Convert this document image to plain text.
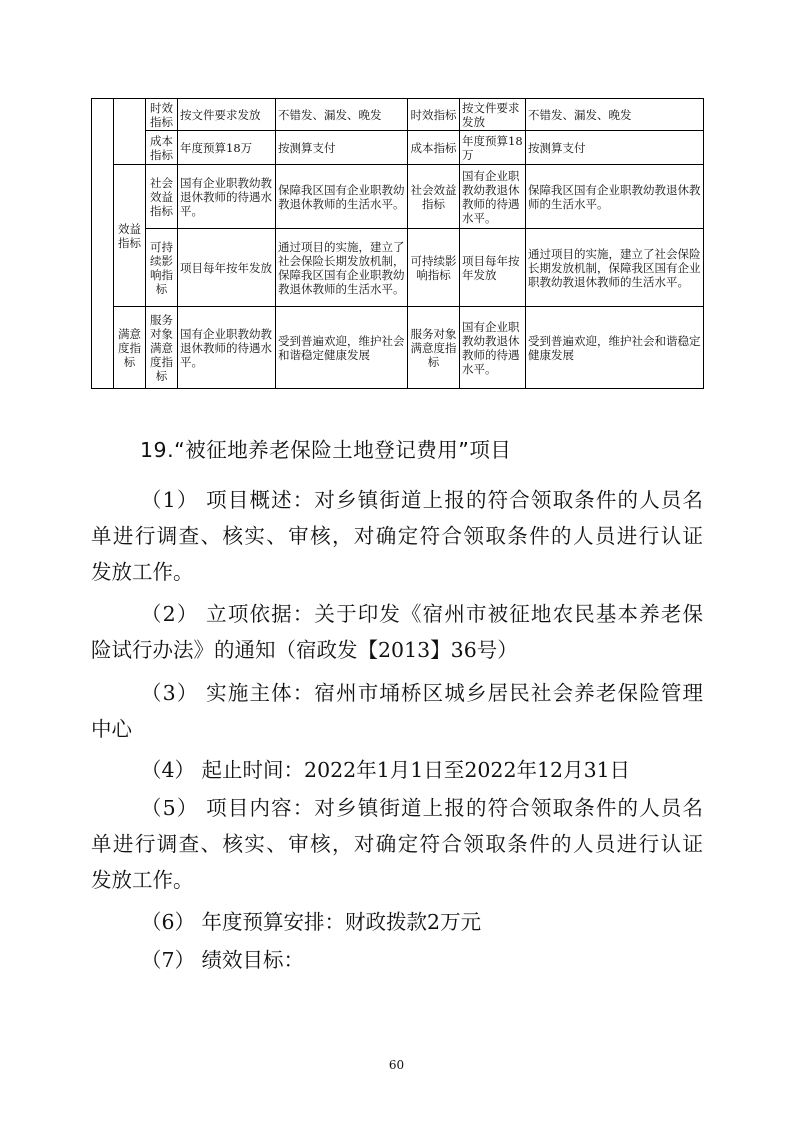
		时效指标	按文件要求发放	不错发、漏发、晚发	时效指标	按文件要求发放	不错发、漏发、晚发
		成本指标	年度预算18万	按测算支付	成本指标	年度预算18万	按测算支付
	效益指标	社会效益指标	国有企业职教幼教退休教师的待遇水平。	保障我区国有企业职教幼教退休教师的生活水平。	社会效益指标	国有企业职教幼教退休教师的待遇水平。	保障我区国有企业职教幼教退休教师的生活水平。
		可持续影响指标	项目每年按年发放	通过项目的实施，建立了社会保险长期发放机制，保障我区国有企业职教幼教退休教师的生活水平。	可持续影响指标	项目每年按年发放	通过项目的实施，建立了社会保险长期发放机制，保障我区国有企业职教幼教退休教师的生活水平。
	满意度指标	服务对象满意度指标	国有企业职教幼教退休教师的待遇水平。	受到普遍欢迎，维护社会和谐稳定健康发展	服务对象满意度指标	国有企业职教幼教退休教师的待遇水平。	受到普遍欢迎，维护社会和谐稳定健康发展
19.“被征地养老保险土地登记费用”项目
（1） 项目概述：对乡镇街道上报的符合领取条件的人员名
单进行调查、核实、审核，对确定符合领取条件的人员进行认证
发放工作。
（2） 立项依据：关于印发《宿州市被征地农民基本养老保
险试行办法》的通知（宿政发【2013】36号）
（3） 实施主体：宿州市埇桥区城乡居民社会养老保险管理
中心
（4） 起止时间：2022年1月1日至2022年12月31日
（5） 项目内容：对乡镇街道上报的符合领取条件的人员名
单进行调查、核实、审核，对确定符合领取条件的人员进行认证
发放工作。
（6） 年度预算安排：财政拨款2万元
（7） 绩效目标：
60
